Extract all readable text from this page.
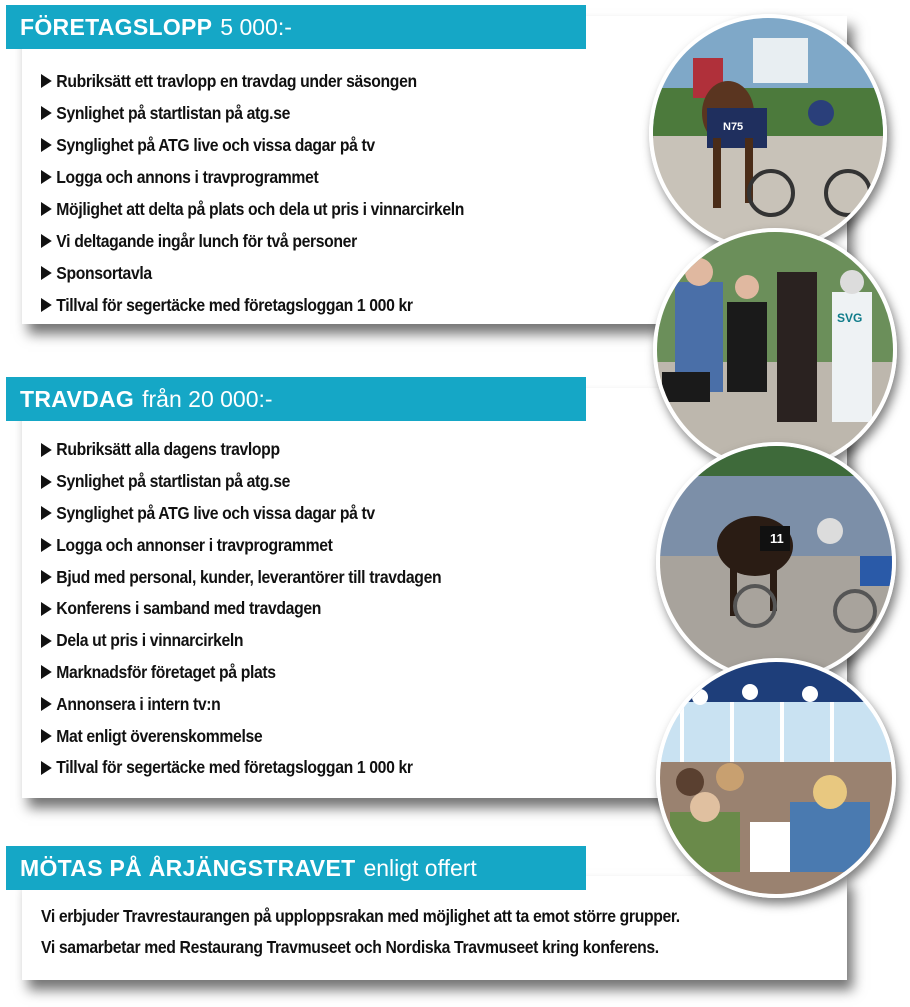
FÖRETAGSLOPP 5 000:-
Rubriksätt ett travlopp en travdag under säsongen
Synlighet på startlistan på atg.se
Synglighet på ATG live och vissa dagar på tv
Logga och annons i travprogrammet
Möjlighet att delta på plats och dela ut pris i vinnarcirkeln
Vi deltagande ingår lunch för två personer
Sponsortavla
Tillval för segertäcke med företagsloggan 1 000 kr
TRAVDAG från 20 000:-
Rubriksätt alla dagens travlopp
Synlighet på startlistan på atg.se
Synglighet på ATG live och vissa dagar på tv
Logga och annonser i travprogrammet
Bjud med personal, kunder, leverantörer till travdagen
Konferens i samband med travdagen
Dela ut pris i vinnarcirkeln
Marknadsför företaget på plats
Annonsera i intern tv:n
Mat enligt överenskommelse
Tillval för segertäcke med företagsloggan 1 000 kr
MÖTAS PÅ ÅRJÄNGSTRAVET enligt offert

Vi erbjuder Travrestaurangen på upploppsrakan med möjlighet att ta emot större grupper.

Vi samarbetar med Restaurang Travmuseet och Nordiska Travmuseet kring konferens.

N75
SVG
11
